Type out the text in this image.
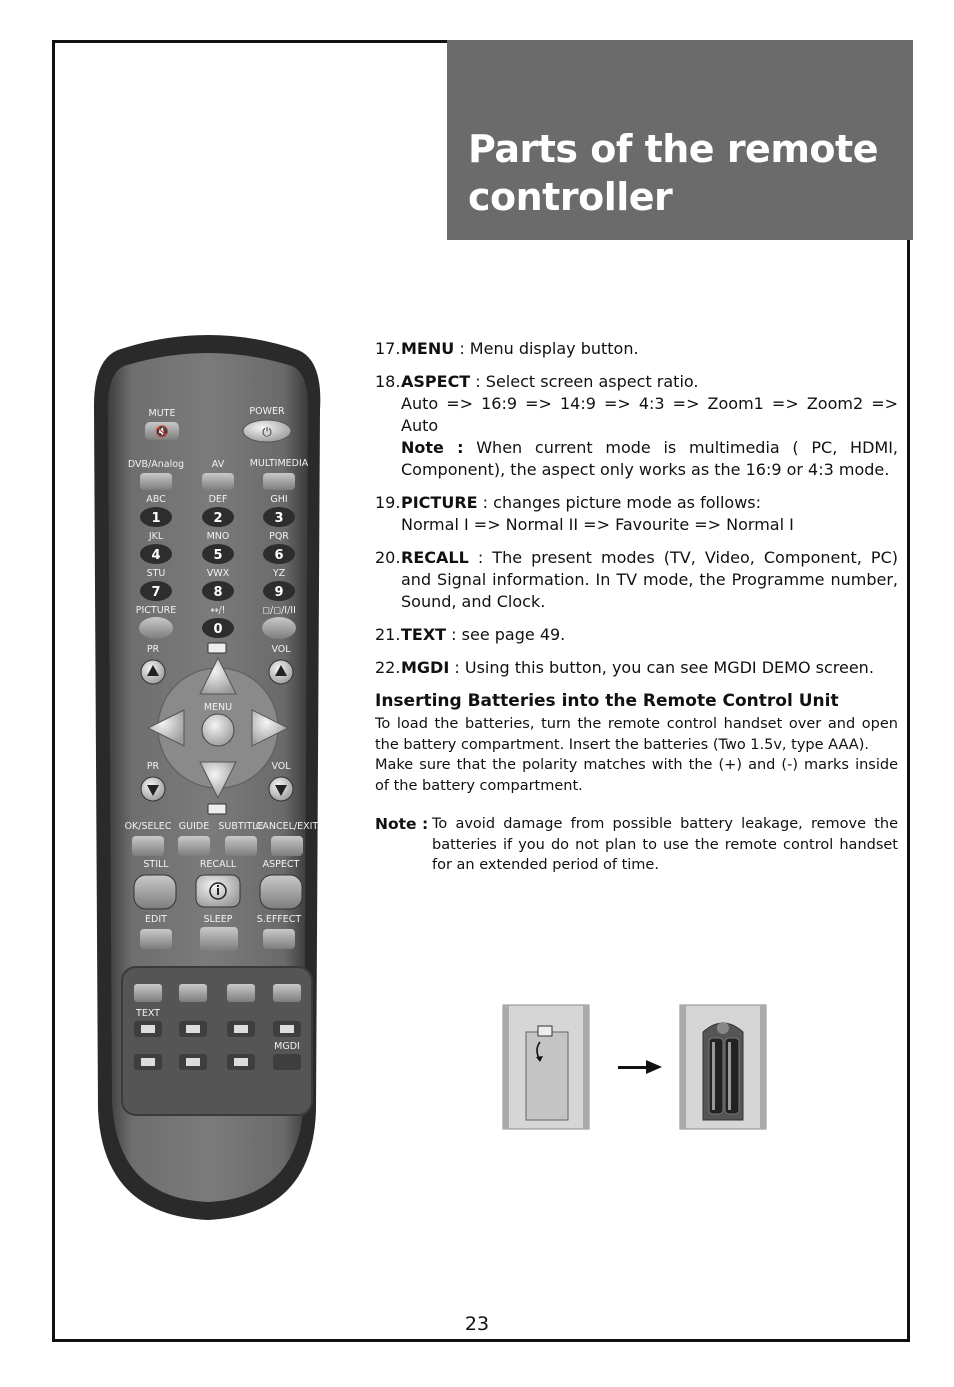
Parts of the remote
controller
MUTE	POWER
🔇	⏻
DVB/Analog	AV	MULTIMEDIA
ABC	DEF	GHI
1	2	3
JKL	MNO	PQR
4	5	6
STU	VWX	YZ
7	8	9
PICTURE	↔/!	◻/◻/I/II
0
PR	VOL
MENU
PR	VOL
OK/SELEC GUIDE SUBTITLE
CANCEL/EXIT
STILL	RECALL	ASPECT
EDIT	SLEEP	S.EFFECT
TEXT
MGDI
17. MENU : Menu display button.
18. ASPECT : Select screen aspect ratio.
Auto => 16:9 => 14:9 => 4:3 => Zoom1 => Zoom2 => Auto
Note : When current mode is multimedia ( PC, HDMI, Component), the aspect only works as the 16:9 or 4:3 mode.
19. PICTURE : changes picture mode as follows:
Normal I => Normal II => Favourite => Normal I
20. RECALL : The present modes (TV, Video, Component, PC) and Signal information. In TV mode, the Programme number, Sound, and Clock.
21. TEXT : see page 49.
22. MGDI : Using this button, you can see MGDI DEMO screen.
Inserting Batteries into the Remote Control Unit

To load the batteries, turn the remote control handset over and open the battery compartment. Insert the batteries (Two 1.5v, type AAA).

Make sure that the polarity matches with the (+) and (-) marks inside of the battery compartment.

Note : To avoid damage from possible battery leakage, remove the batteries if you do not plan to use the remote control handset for an extended period of time.
23
